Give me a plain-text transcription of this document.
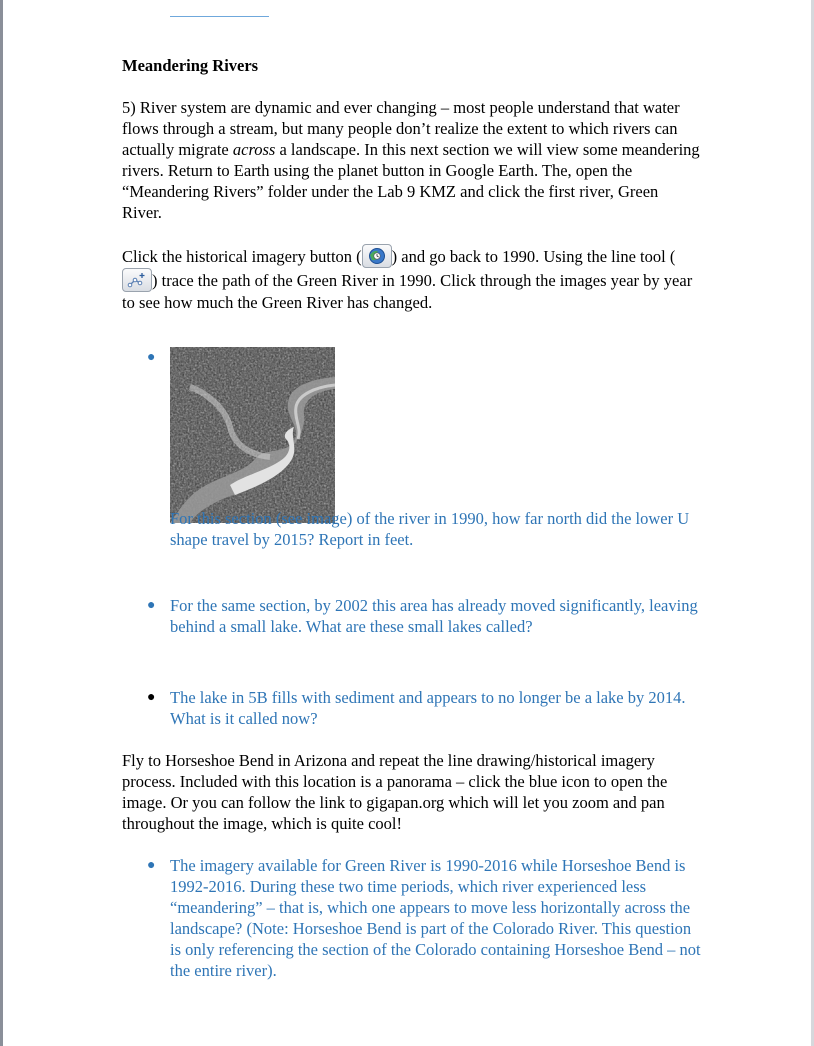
Meandering Rivers

5) River system are dynamic and ever changing – most people understand that water flows through a stream, but many people don’t realize the extent to which rivers can actually migrate across a landscape. In this next section we will view some meandering rivers. Return to Earth using the planet button in Google Earth. The, open the “Meandering Rivers” folder under the Lab 9 KMZ and click the first river, Green River.

Click the historical imagery button ( ) and go back to 1990. Using the line tool (
) trace the path of the Green River in 1990. Click through the images year by year to see how much the Green River has changed.

●
For this section (see image) of the river in 1990, how far north did the lower U shape travel by 2015? Report in feet.
● For the same section, by 2002 this area has already moved significantly, leaving behind a small lake. What are these small lakes called?
● The lake in 5B fills with sediment and appears to no longer be a lake by 2014. What is it called now?

Fly to Horseshoe Bend in Arizona and repeat the line drawing/historical imagery process. Included with this location is a panorama – click the blue icon to open the image. Or you can follow the link to gigapan.org which will let you zoom and pan throughout the image, which is quite cool!

● The imagery available for Green River is 1990-2016 while Horseshoe Bend is 1992-2016. During these two time periods, which river experienced less “meandering” – that is, which one appears to move less horizontally across the landscape? (Note: Horseshoe Bend is part of the Colorado River. This question is only referencing the section of the Colorado containing Horseshoe Bend – not the entire river).
